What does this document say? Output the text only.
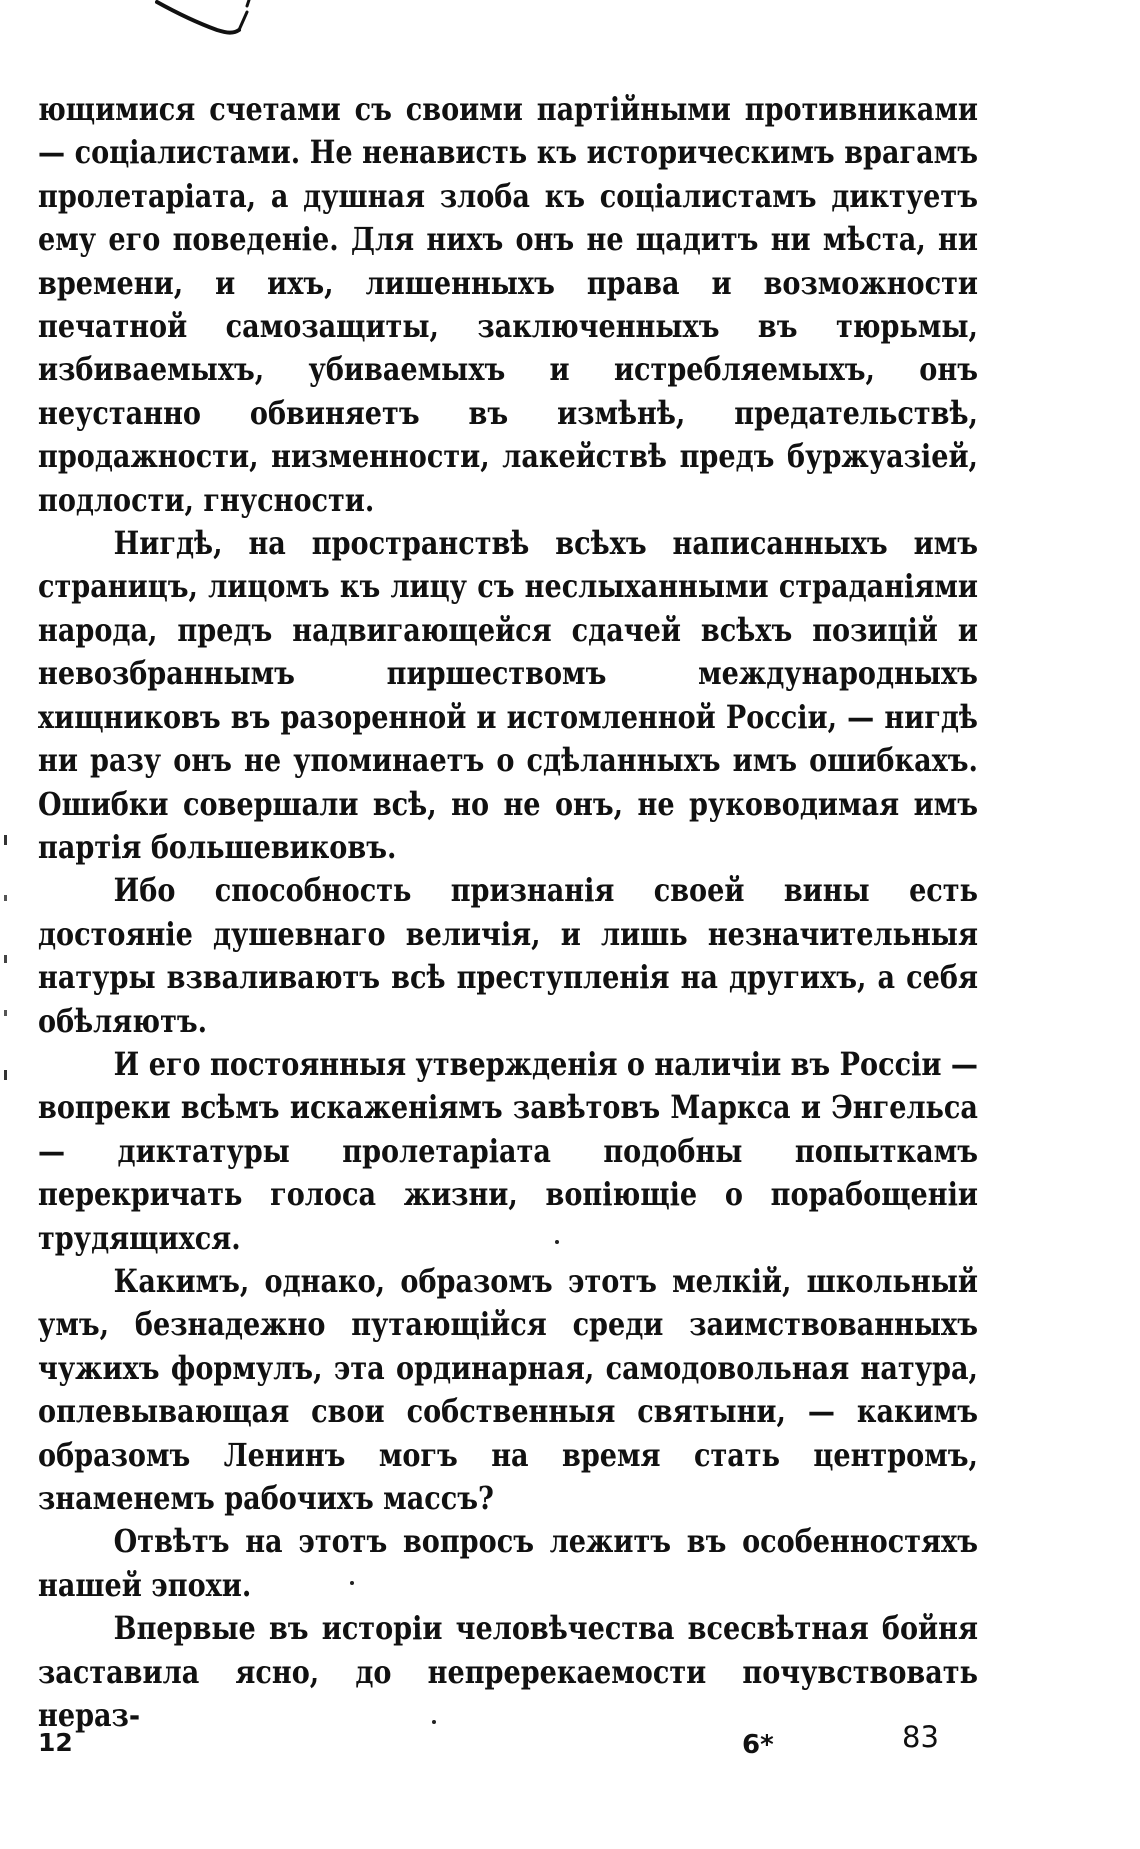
ющимися счетами съ своими партiйными противниками — соцiалистами. Не ненависть къ историческимъ врагамъ пролетарiата, а душная злоба къ соцiалистамъ диктуетъ ему его поведенie. Для нихъ онъ не щадитъ ни мѣста, ни времени, и ихъ, лишенныхъ права и возможности печатной самозащиты, заключенныхъ въ тюрьмы, избиваемыхъ, убиваемыхъ и истребляемыхъ, онъ неустанно обвиняетъ въ измѣнѣ, предательствѣ, продажности, низменности, лакействѣ предъ буржуазiей, подлости, гнусности.

Нигдѣ, на пространствѣ всѣхъ написанныхъ имъ страницъ, лицомъ къ лицу съ неслыханными страданiями народа, предъ надвигающейся сдачей всѣхъ позицiй и невозбраннымъ пиршествомъ международныхъ хищниковъ въ разоренной и истомленной Россiи, — нигдѣ ни разу онъ не упоминаетъ о сдѣланныхъ имъ ошибкахъ. Ошибки совершали всѣ, но не онъ, не руководимая имъ партiя большевиковъ.

Ибо способность признанiя своей вины есть достоянiе душевнаго величiя, и лишь незначительныя натуры взваливаютъ всѣ преступленiя на другихъ, а себя обѣляютъ.

И его постоянныя утвержденiя о наличiи въ Россiи — вопреки всѣмъ искаженiямъ завѣтовъ Маркса и Энгельса — диктатуры пролетарiата подобны попыткамъ перекричать голоса жизни, вопiющiе о порабощенiи трудящихся.

Какимъ, однако, образомъ этотъ мелкiй, школьный умъ, безнадежно путающiйся среди заимствованныхъ чужихъ формулъ, эта ординарная, самодовольная натура, оплевывающая свои собственныя святыни, — какимъ образомъ Ленинъ могъ на время стать центромъ, знаменемъ рабочихъ массъ?

Отвѣтъ на этотъ вопросъ лежитъ въ особенностяхъ нашей эпохи.

Впервые въ исторiи человѣчества всесвѣтная бойня заставила ясно, до непререкаемости почувствовать нераз-

12	6*	83
